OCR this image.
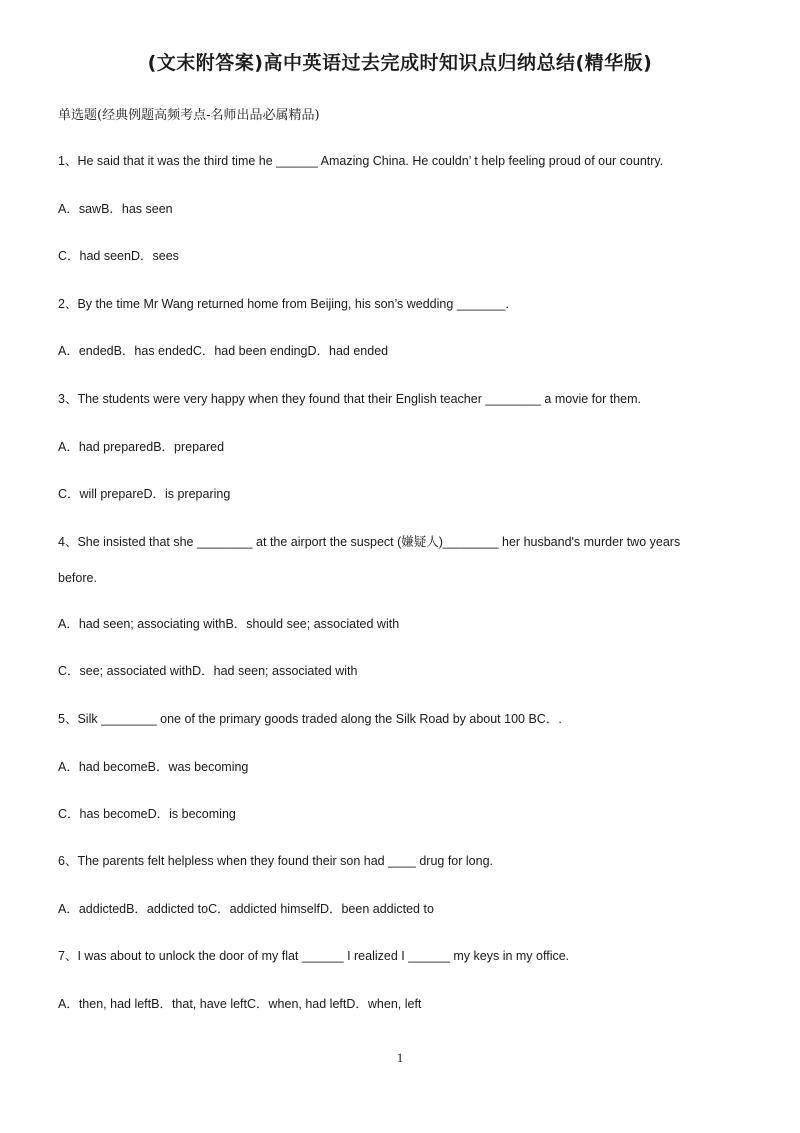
(文末附答案)高中英语过去完成时知识点归纳总结(精华版)
单选题(经典例题高频考点-名师出品必属精品)
1、He said that it was the third time he ______ Amazing China. He couldn’ t help feeling proud of our country.
A．sawB．has seen
C．had seenD．sees
2、By the time Mr Wang returned home from Beijing, his son’s wedding _______.
A．endedB．has endedC．had been endingD．had ended
3、The students were very happy when they found that their English teacher ________ a movie for them.
A．had preparedB．prepared
C．will prepareD．is preparing
4、She insisted that she ________ at the airport the suspect (嫌疑人)________ her husband's murder two years
before.
A．had seen; associating withB．should see; associated with
C．see; associated withD．had seen; associated with
5、Silk ________ one of the primary goods traded along the Silk Road by about 100 BC．.
A．had becomeB．was becoming
C．has becomeD．is becoming
6、The parents felt helpless when they found their son had ____ drug for long.
A．addictedB．addicted toC．addicted himselfD．been addicted to
7、I was about to unlock the door of my flat ______ I realized I ______ my keys in my office.
A．then, had leftB．that, have leftC．when, had leftD．when, left
1
